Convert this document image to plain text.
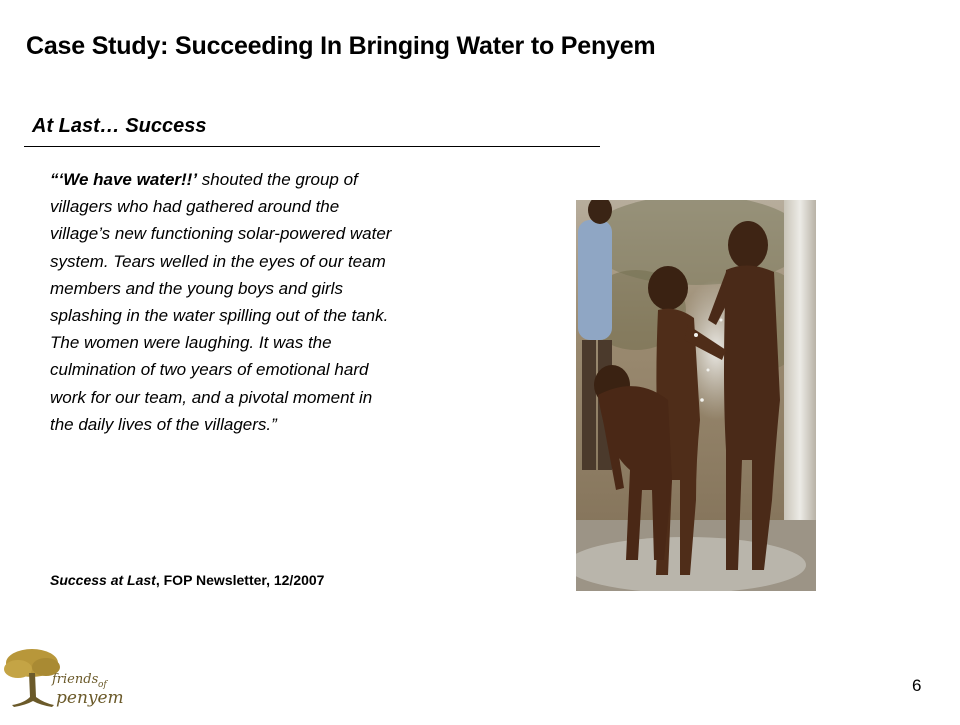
Case Study: Succeeding In Bringing Water to Penyem
At Last… Success
“‘We have water!!’ shouted the group of villagers who had gathered around the village’s new functioning solar-powered water system. Tears welled in the eyes of our team members and the young boys and girls splashing in the water spilling out of the tank. The women were laughing. It was the culmination of two years of emotional hard work for our team, and a pivotal moment in the daily lives of the villagers.”
Success at Last, FOP Newsletter, 12/2007
friends of
penyem
6
